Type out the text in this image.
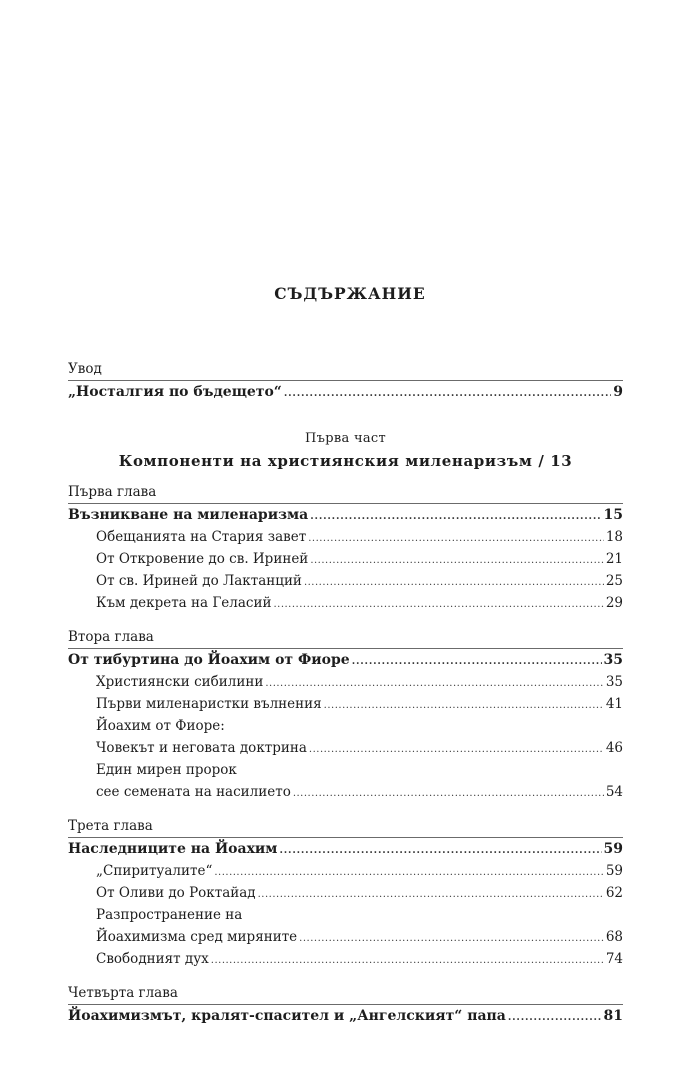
СЪДЪРЖАНИЕ
Увод
„Носталгия по бъдещето“ .....	9
Първа част
Компоненти на християнския миленаризъм / 13
Първа глава
Възникване на миленаризма .....	15
Обещанията на Стария завет .....	18
От Откровение до св. Ириней .....	21
От св. Ириней до Лактанций .....	25
Към декрета на Геласий .....	29
Втора глава
От тибуртина до Йоахим от Фиоре .....	35
Християнски сибилини .....	35
Първи миленаристки вълнения .....	41
Йоахим от Фиоре:
Човекът и неговата доктрина .....	46
Един мирен пророк
сее семената на насилието .....	54
Трета глава
Наследниците на Йоахим .....	59
„Спиритуалите“ .....	59
От Оливи до Роктайад .....	62
Разпространение на
Йоахимизма сред миряните .....	68
Свободният дух .....	74
Четвърта глава
Йоахимизмът, кралят-спасител и „Ангелският“ папа .....	81
